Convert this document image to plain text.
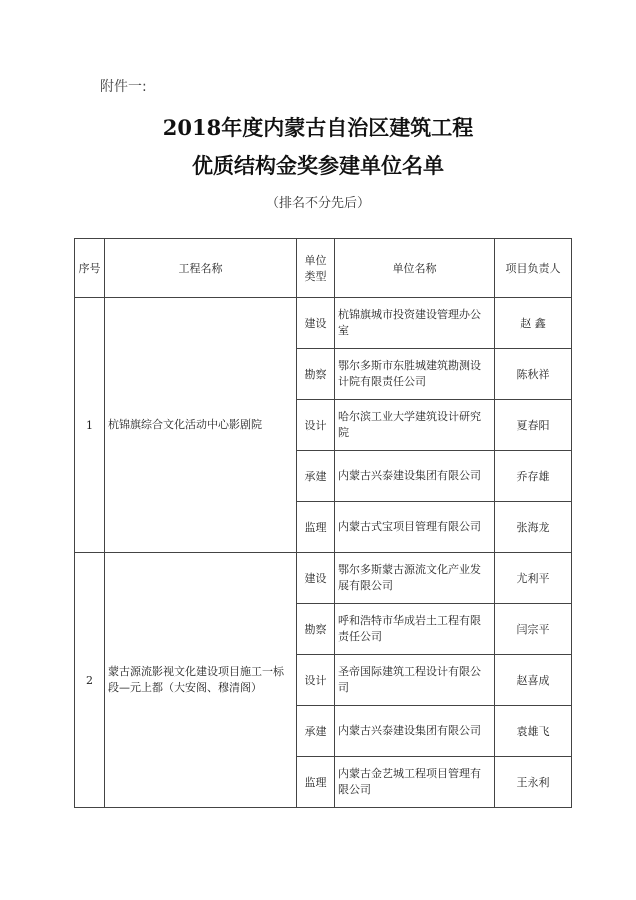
附件一:
2018年度内蒙古自治区建筑工程
优质结构金奖参建单位名单
（排名不分先后）
序号	工程名称	单位类型	单位名称	项目负责人
1	杭锦旗综合文化活动中心影剧院	建设	杭锦旗城市投资建设管理办公室	赵 鑫
		勘察	鄂尔多斯市东胜城建筑勘测设计院有限责任公司	陈秋祥
		设计	哈尔滨工业大学建筑设计研究院	夏春阳
		承建	内蒙古兴泰建设集团有限公司	乔存雄
		监理	内蒙古式宝项目管理有限公司	张海龙
2	蒙古源流影视文化建设项目施工一标段—元上都（大安阁、穆清阁）	建设	鄂尔多斯蒙古源流文化产业发展有限公司	尤利平
		勘察	呼和浩特市华成岩土工程有限责任公司	闫宗平
		设计	圣帝国际建筑工程设计有限公司	赵喜成
		承建	内蒙古兴泰建设集团有限公司	袁雄飞
		监理	内蒙古金艺城工程项目管理有限公司	王永利
